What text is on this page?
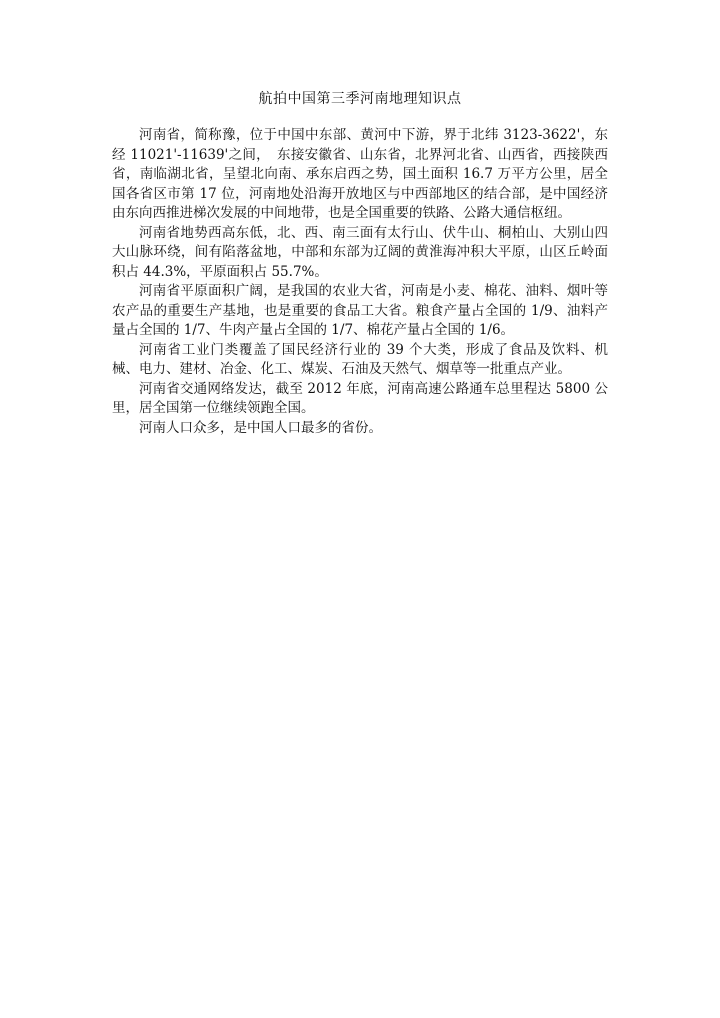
航拍中国第三季河南地理知识点

河南省，简称豫，位于中国中东部、黄河中下游，界于北纬 3123-3622'，东经 11021'-11639'之间，　东接安徽省、山东省，北界河北省、山西省，西接陕西省，南临湖北省，呈望北向南、承东启西之势，国土面积 16.7 万平方公里，居全国各省区市第 17 位，河南地处沿海开放地区与中西部地区的结合部，是中国经济由东向西推进梯次发展的中间地带，也是全国重要的铁路、公路大通信枢纽。

河南省地势西高东低，北、西、南三面有太行山、伏牛山、桐柏山、大别山四大山脉环绕，间有陷落盆地，中部和东部为辽阔的黄淮海冲积大平原，山区丘岭面积占 44.3%，平原面积占 55.7%。

河南省平原面积广阔，是我国的农业大省，河南是小麦、棉花、油料、烟叶等农产品的重要生产基地，也是重要的食品工大省。粮食产量占全国的 1/9、油料产量占全国的 1/7、牛肉产量占全国的 1/7、棉花产量占全国的 1/6。

河南省工业门类覆盖了国民经济行业的 39 个大类，形成了食品及饮料、机械、电力、建材、冶金、化工、煤炭、石油及天然气、烟草等一批重点产业。

河南省交通网络发达，截至 2012 年底，河南高速公路通车总里程达 5800 公里，居全国第一位继续领跑全国。

河南人口众多，是中国人口最多的省份。
